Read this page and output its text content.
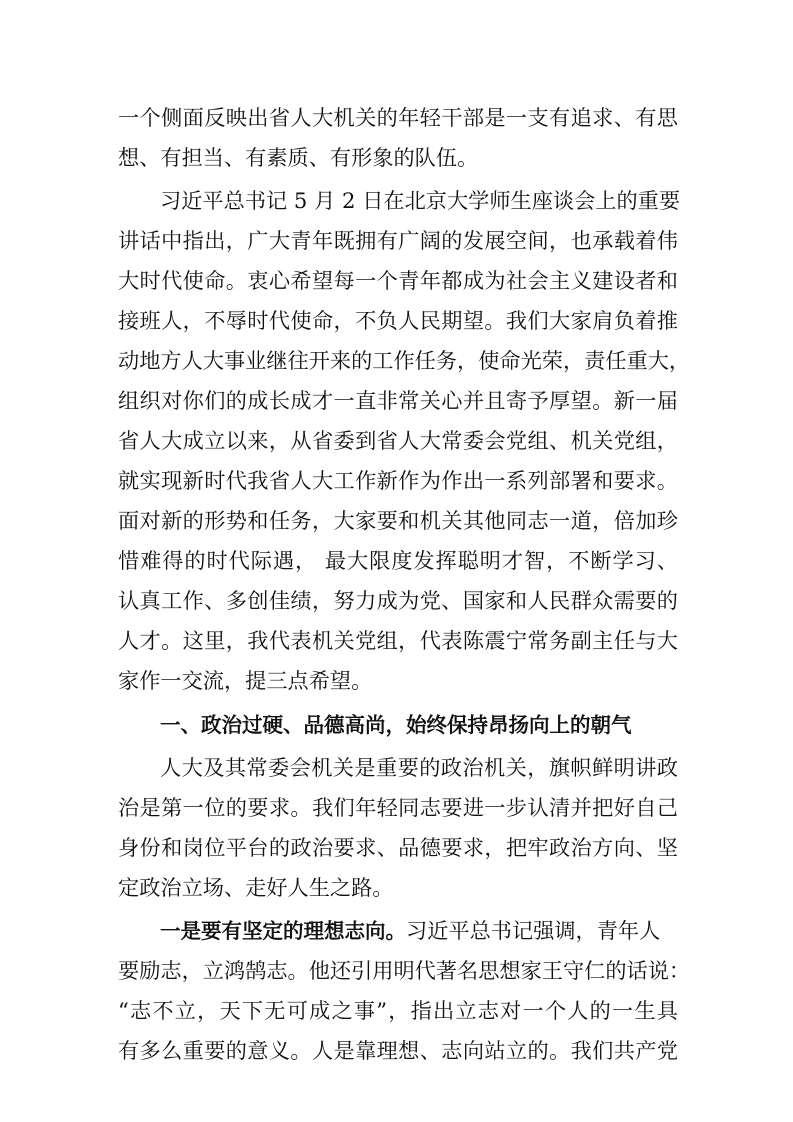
一个侧面反映出省人大机关的年轻干部是一支有追求、有思
想、有担当、有素质、有形象的队伍。
习近平总书记 5 月 2 日在北京大学师生座谈会上的重要
讲话中指出，广大青年既拥有广阔的发展空间，也承载着伟
大时代使命。衷心希望每一个青年都成为社会主义建设者和
接班人，不辱时代使命，不负人民期望。我们大家肩负着推
动地方人大事业继往开来的工作任务，使命光荣，责任重大，
组织对你们的成长成才一直非常关心并且寄予厚望。新一届
省人大成立以来，从省委到省人大常委会党组、机关党组，
就实现新时代我省人大工作新作为作出一系列部署和要求。
面对新的形势和任务，大家要和机关其他同志一道，倍加珍
惜难得的时代际遇， 最大限度发挥聪明才智，不断学习、
认真工作、多创佳绩，努力成为党、国家和人民群众需要的
人才。这里，我代表机关党组，代表陈震宁常务副主任与大
家作一交流，提三点希望。
一、政治过硬、品德高尚，始终保持昂扬向上的朝气
人大及其常委会机关是重要的政治机关，旗帜鲜明讲政
治是第一位的要求。我们年轻同志要进一步认清并把好自己
身份和岗位平台的政治要求、品德要求，把牢政治方向、坚
定政治立场、走好人生之路。
一是要有坚定的理想志向。习近平总书记强调，青年人
要励志，立鸿鹄志。他还引用明代著名思想家王守仁的话说：
“志不立，天下无可成之事”，指出立志对一个人的一生具
有多么重要的意义。人是靠理想、志向站立的。我们共产党
